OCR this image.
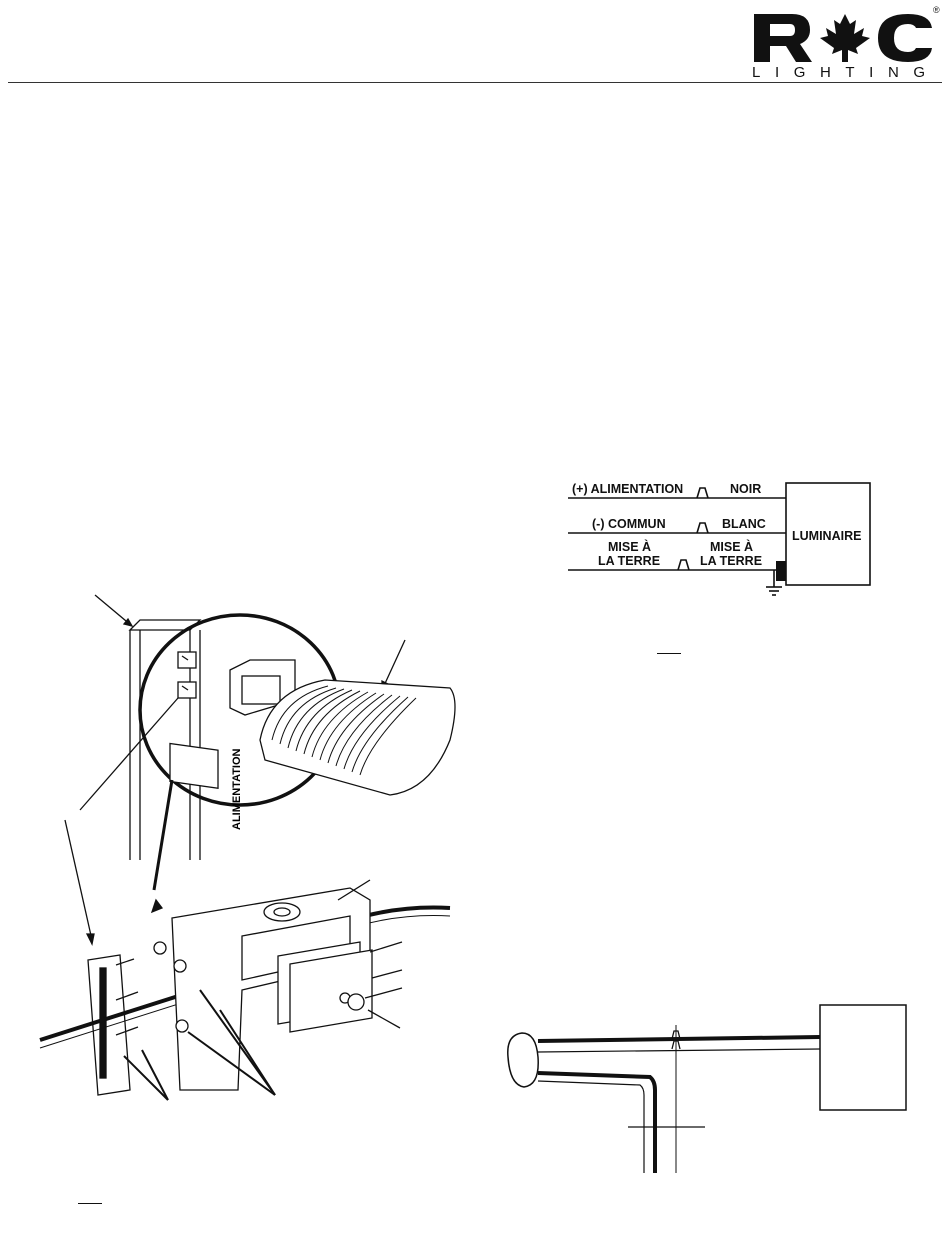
®
LIGHTING
(+) ALIMENTATION	NOIR
(-) COMMUN	BLANC
MISE À
LA TERRE
MISE À
LA TERRE
LUMINAIRE
ALIMENTATION
